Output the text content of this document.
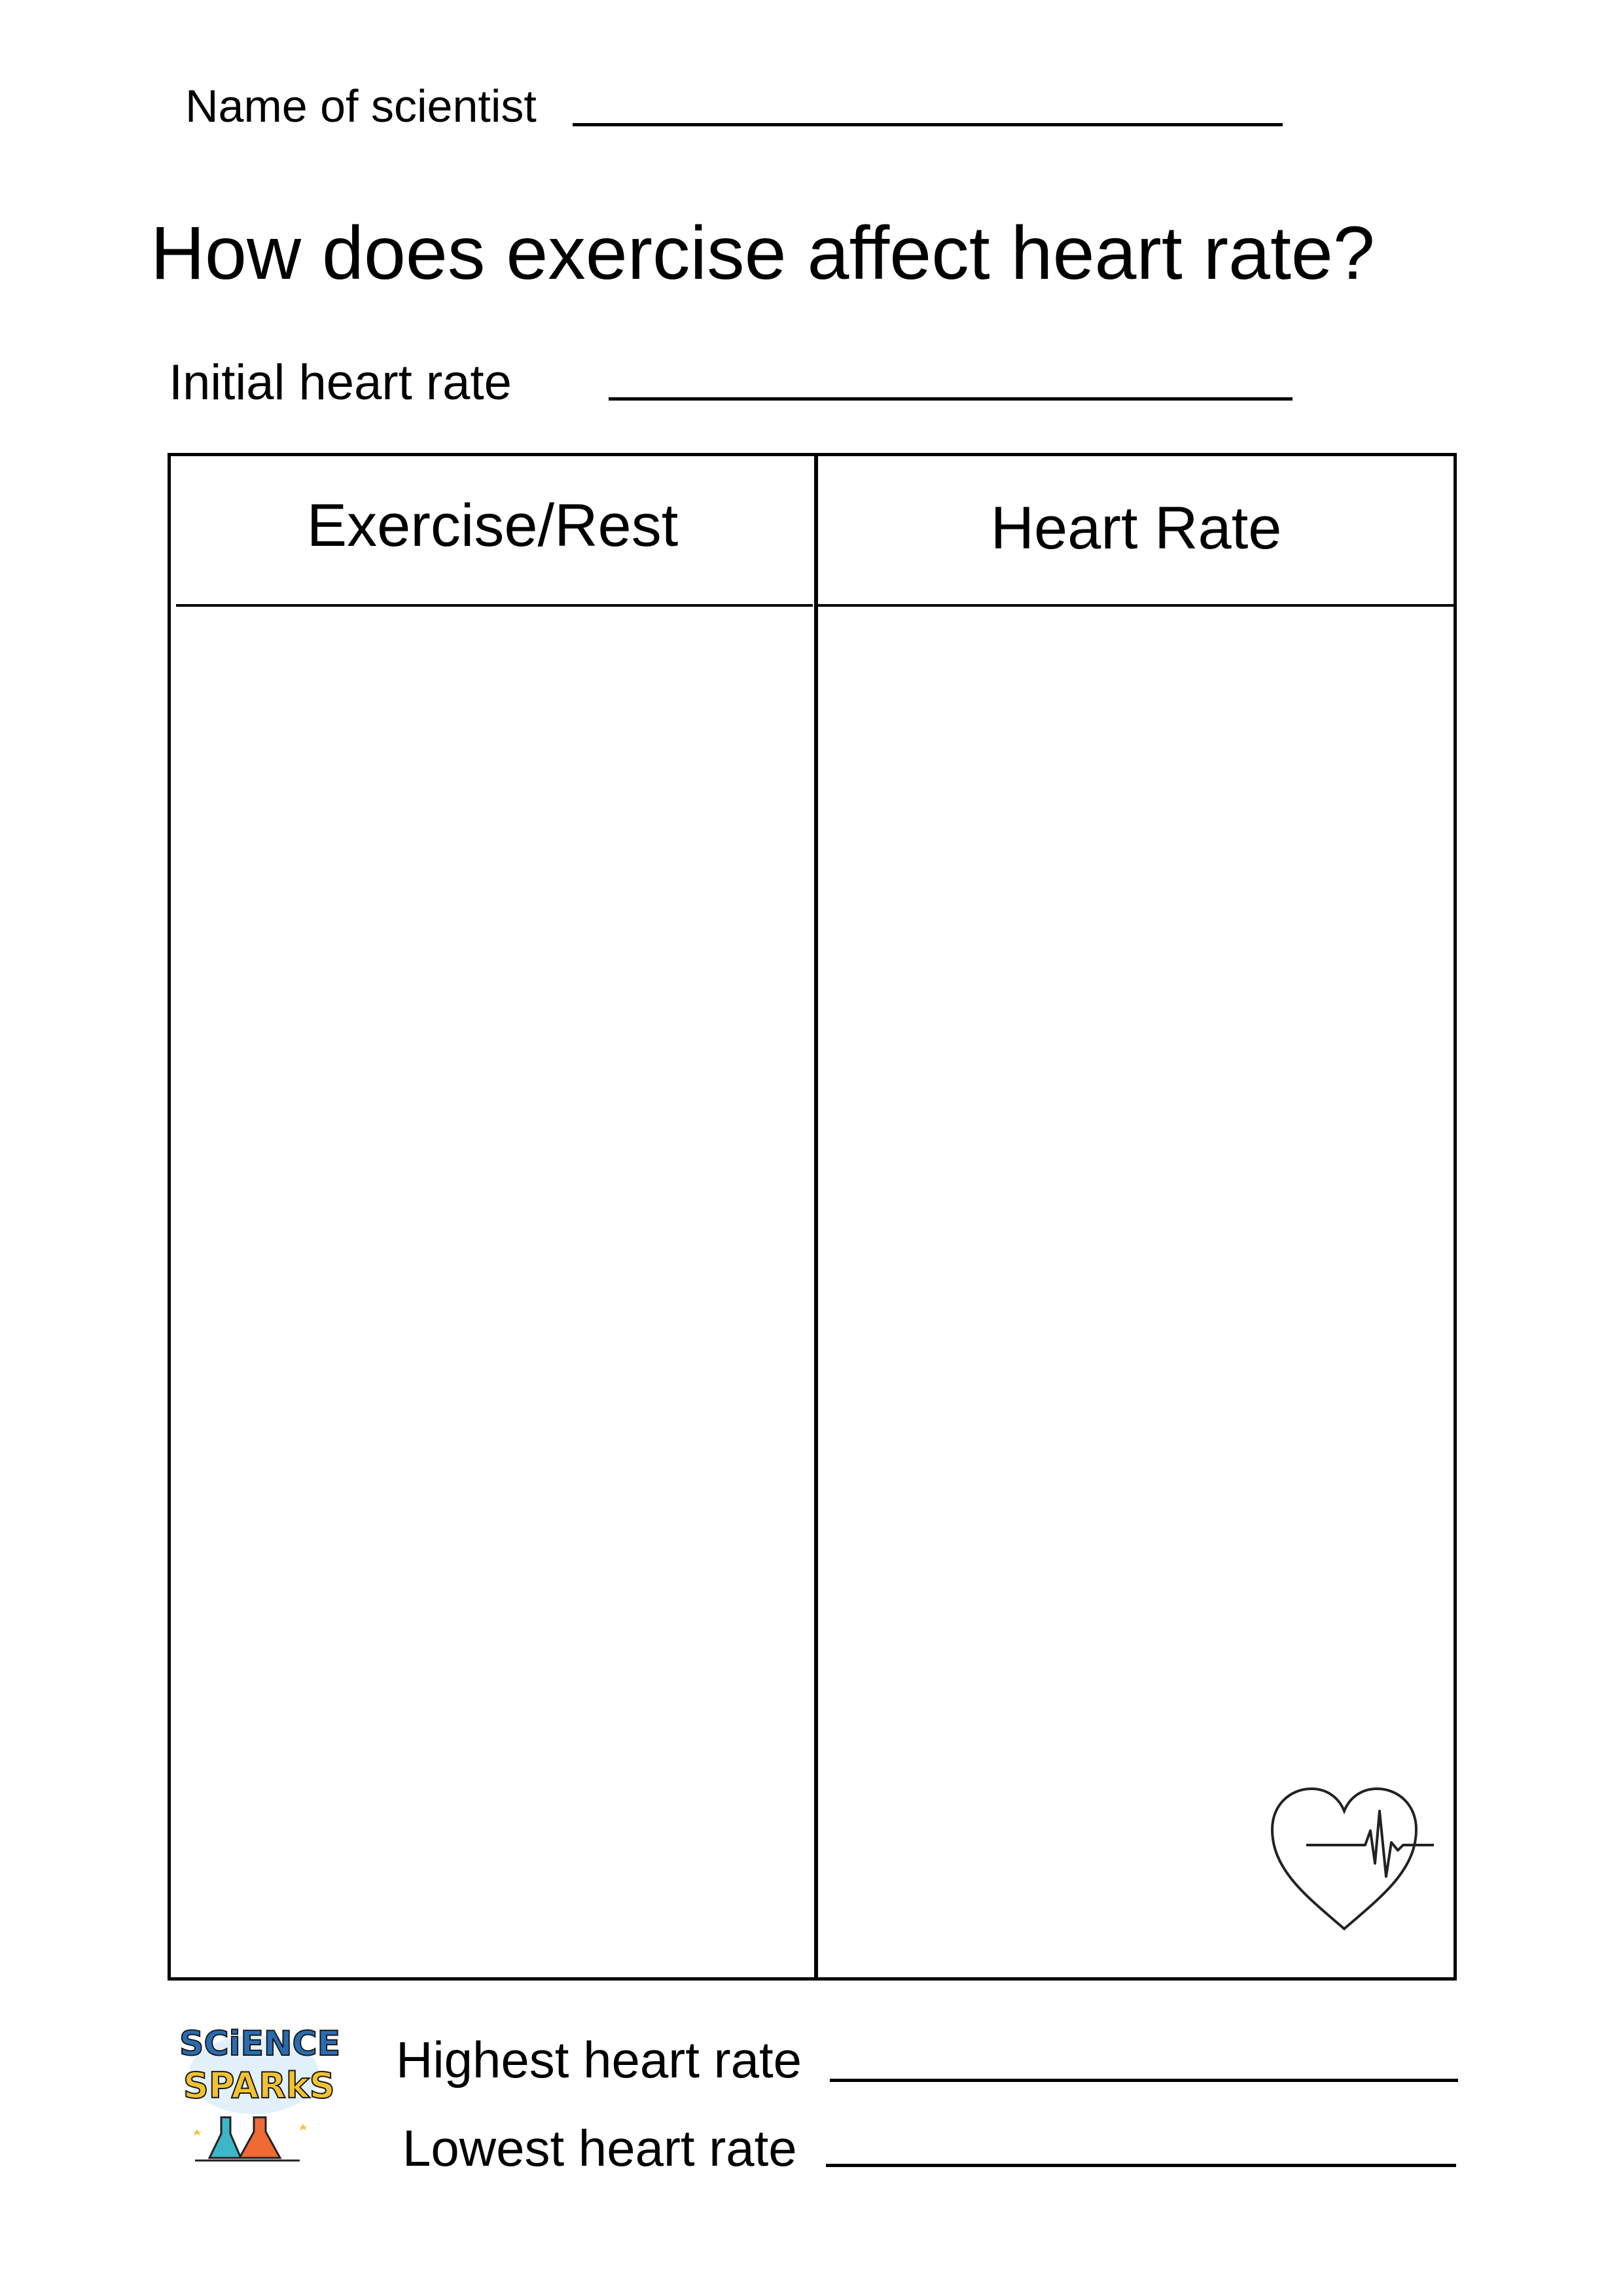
Name of scientist
How does exercise affect heart rate?
Initial heart rate
Exercise/Rest	Heart Rate
SCiENCE
SPARkS Highest heart rate
Lowest heart rate
